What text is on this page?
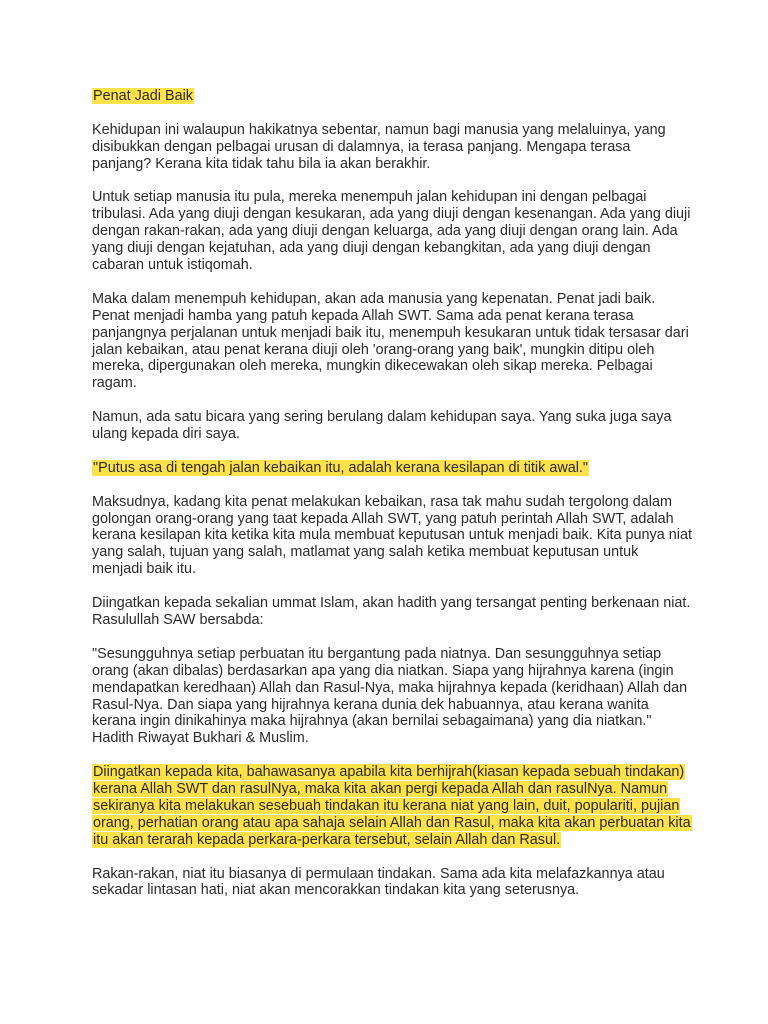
Penat Jadi Baik

Kehidupan ini walaupun hakikatnya sebentar, namun bagi manusia yang melaluinya, yang disibukkan dengan pelbagai urusan di dalamnya, ia terasa panjang. Mengapa terasa panjang? Kerana kita tidak tahu bila ia akan berakhir.

Untuk setiap manusia itu pula, mereka menempuh jalan kehidupan ini dengan pelbagai tribulasi. Ada yang diuji dengan kesukaran, ada yang diuji dengan kesenangan. Ada yang diuji dengan rakan-rakan, ada yang diuji dengan keluarga, ada yang diuji dengan orang lain. Ada yang diuji dengan kejatuhan, ada yang diuji dengan kebangkitan, ada yang diuji dengan cabaran untuk istiqomah.

Maka dalam menempuh kehidupan, akan ada manusia yang kepenatan. Penat jadi baik. Penat menjadi hamba yang patuh kepada Allah SWT. Sama ada penat kerana terasa panjangnya perjalanan untuk menjadi baik itu, menempuh kesukaran untuk tidak tersasar dari jalan kebaikan, atau penat kerana diuji oleh 'orang-orang yang baik', mungkin ditipu oleh mereka, dipergunakan oleh mereka, mungkin dikecewakan oleh sikap mereka. Pelbagai ragam.

Namun, ada satu bicara yang sering berulang dalam kehidupan saya. Yang suka juga saya ulang kepada diri saya.

"Putus asa di tengah jalan kebaikan itu, adalah kerana kesilapan di titik awal."

Maksudnya, kadang kita penat melakukan kebaikan, rasa tak mahu sudah tergolong dalam golongan orang-orang yang taat kepada Allah SWT, yang patuh perintah Allah SWT, adalah kerana kesilapan kita ketika kita mula membuat keputusan untuk menjadi baik. Kita punya niat yang salah, tujuan yang salah, matlamat yang salah ketika membuat keputusan untuk menjadi baik itu.

Diingatkan kepada sekalian ummat Islam, akan hadith yang tersangat penting berkenaan niat. Rasulullah SAW bersabda:

"Sesungguhnya setiap perbuatan itu bergantung pada niatnya. Dan sesungguhnya setiap orang (akan dibalas) berdasarkan apa yang dia niatkan. Siapa yang hijrahnya karena (ingin mendapatkan keredhaan) Allah dan Rasul-Nya, maka hijrahnya kepada (keridhaan) Allah dan Rasul-Nya. Dan siapa yang hijrahnya kerana dunia dek habuannya, atau kerana wanita kerana ingin dinikahinya maka hijrahnya (akan bernilai sebagaimana) yang dia niatkan." Hadith Riwayat Bukhari & Muslim.

Diingatkan kepada kita, bahawasanya apabila kita berhijrah(kiasan kepada sebuah tindakan) kerana Allah SWT dan rasulNya, maka kita akan pergi kepada Allah dan rasulNya. Namun sekiranya kita melakukan sesebuah tindakan itu kerana niat yang lain, duit, populariti, pujian orang, perhatian orang atau apa sahaja selain Allah dan Rasul, maka kita akan perbuatan kita itu akan terarah kepada perkara-perkara tersebut, selain Allah dan Rasul.

Rakan-rakan, niat itu biasanya di permulaan tindakan. Sama ada kita melafazkannya atau sekadar lintasan hati, niat akan mencorakkan tindakan kita yang seterusnya.
